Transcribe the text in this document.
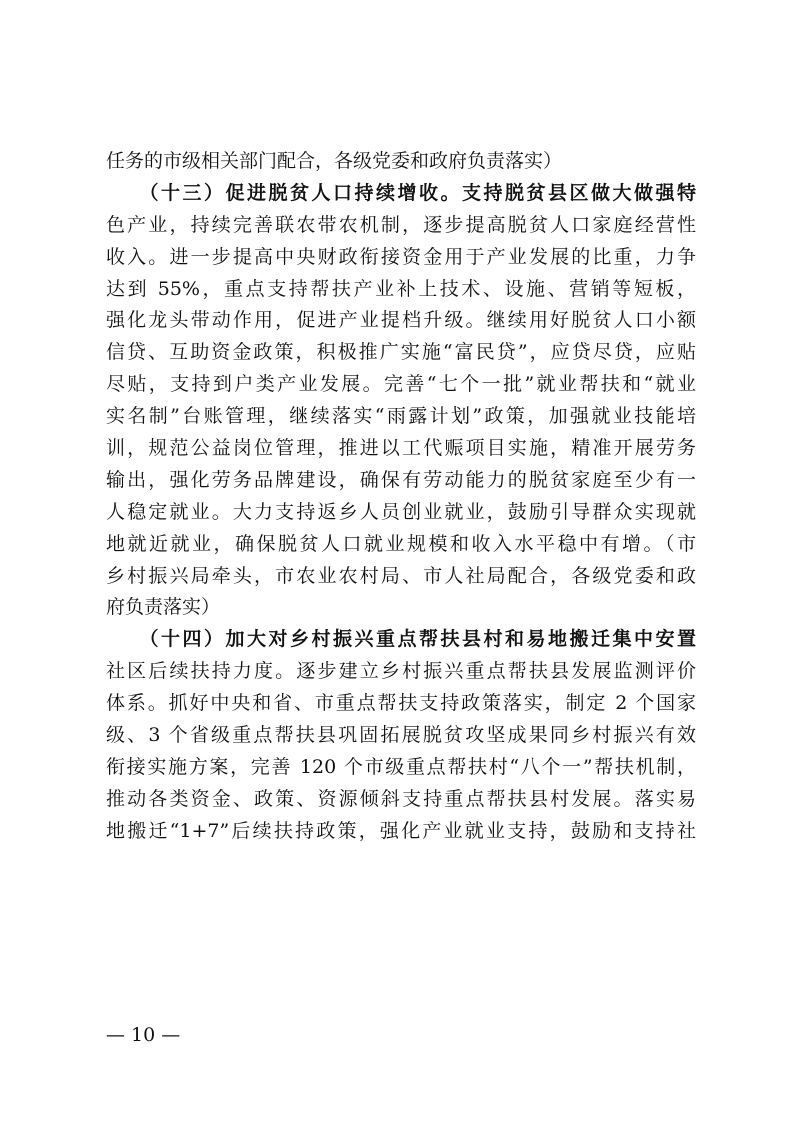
任务的市级相关部门配合，各级党委和政府负责落实）
　　（十三）促进脱贫人口持续增收。支持脱贫县区做大做强特
色产业，持续完善联农带农机制，逐步提高脱贫人口家庭经营性
收入。进一步提高中央财政衔接资金用于产业发展的比重，力争
达到 55%，重点支持帮扶产业补上技术、设施、营销等短板，
强化龙头带动作用，促进产业提档升级。继续用好脱贫人口小额
信贷、互助资金政策，积极推广实施“富民贷”，应贷尽贷，应贴
尽贴，支持到户类产业发展。完善“七个一批”就业帮扶和“就业
实名制”台账管理，继续落实“雨露计划”政策，加强就业技能培
训，规范公益岗位管理，推进以工代赈项目实施，精准开展劳务
输出，强化劳务品牌建设，确保有劳动能力的脱贫家庭至少有一
人稳定就业。大力支持返乡人员创业就业，鼓励引导群众实现就
地就近就业，确保脱贫人口就业规模和收入水平稳中有增。（市
乡村振兴局牵头，市农业农村局、市人社局配合，各级党委和政
府负责落实）
　　（十四）加大对乡村振兴重点帮扶县村和易地搬迁集中安置
社区后续扶持力度。逐步建立乡村振兴重点帮扶县发展监测评价
体系。抓好中央和省、市重点帮扶支持政策落实，制定 2 个国家
级、3 个省级重点帮扶县巩固拓展脱贫攻坚成果同乡村振兴有效
衔接实施方案，完善 120 个市级重点帮扶村“八个一”帮扶机制，
推动各类资金、政策、资源倾斜支持重点帮扶县村发展。落实易
地搬迁“1+7”后续扶持政策，强化产业就业支持，鼓励和支持社
— 10 —
